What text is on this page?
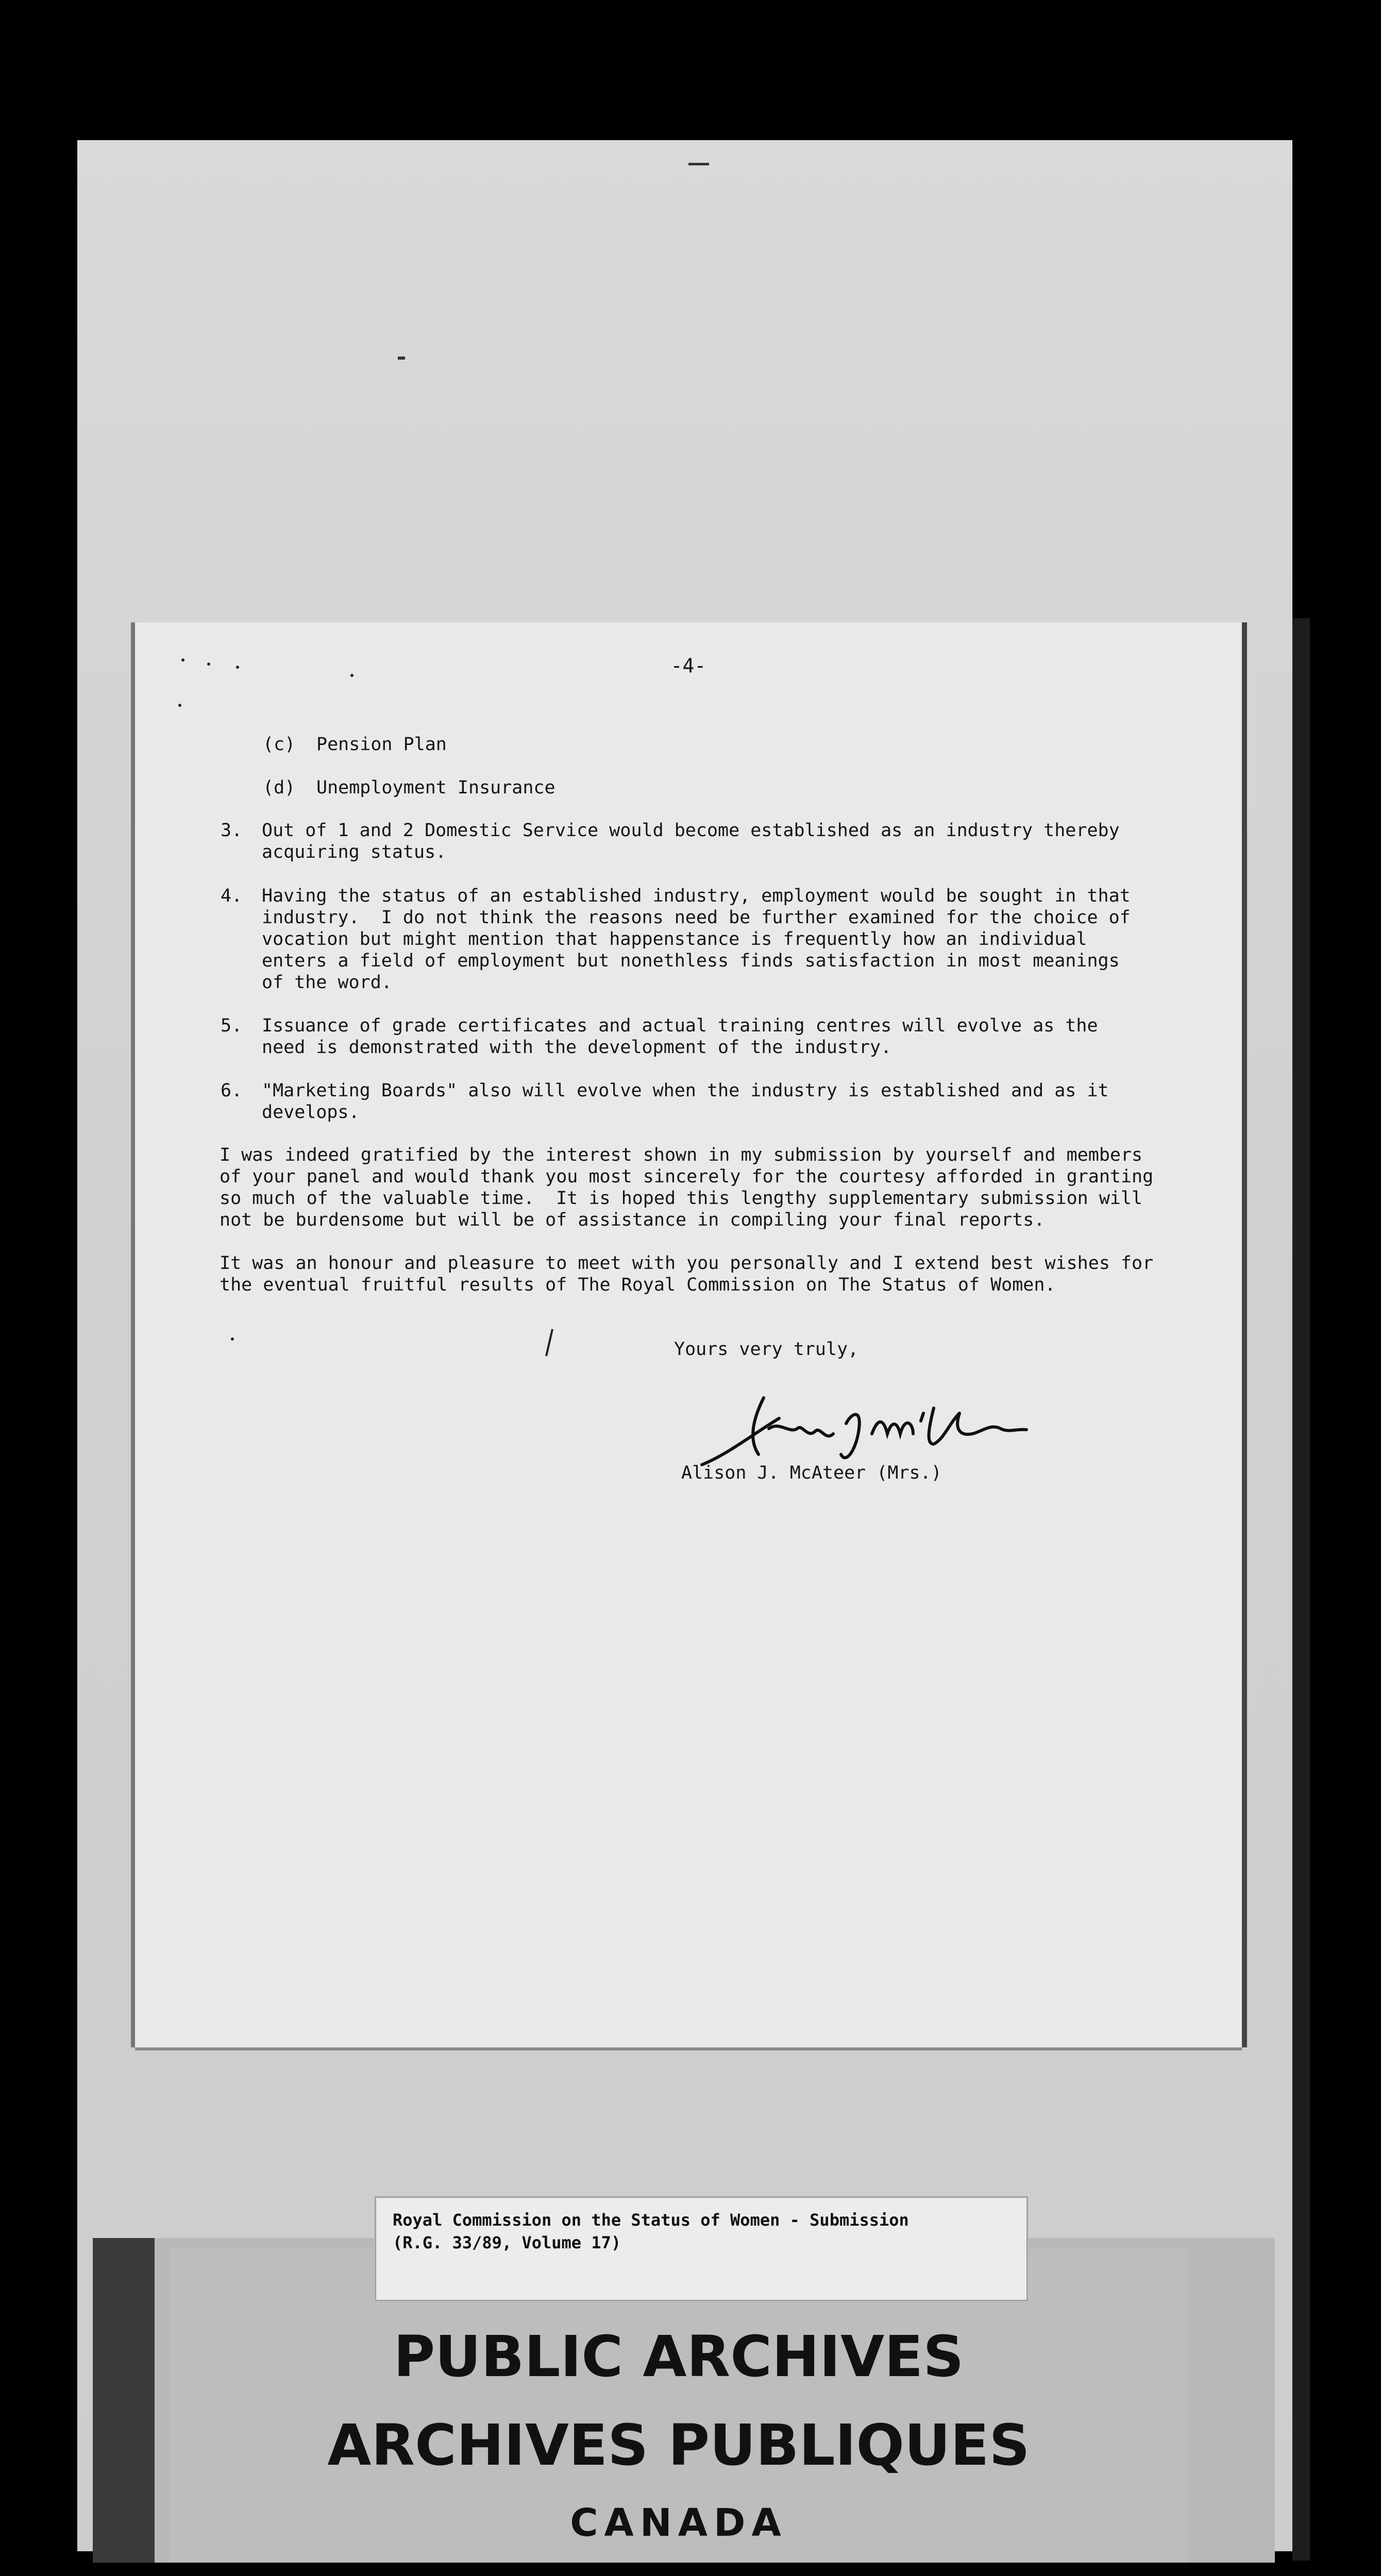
-4-

(c) Pension Plan

(d) Unemployment Insurance

3. Out of 1 and 2 Domestic Service would become established as an industry thereby

acquiring status.

4. Having the status of an established industry, employment would be sought in that

industry.  I do not think the reasons need be further examined for the choice of

vocation but might mention that happenstance is frequently how an individual

enters a field of employment but nonethless finds satisfaction in most meanings

of the word.

5. Issuance of grade certificates and actual training centres will evolve as the

need is demonstrated with the development of the industry.

6. "Marketing Boards" also will evolve when the industry is established and as it

develops.

I was indeed gratified by the interest shown in my submission by yourself and members

of your panel and would thank you most sincerely for the courtesy afforded in granting

so much of the valuable time.  It is hoped this lengthy supplementary submission will

not be burdensome but will be of assistance in compiling your final reports.

It was an honour and pleasure to meet with you personally and I extend best wishes for

the eventual fruitful results of The Royal Commission on The Status of Women.

Yours very truly,

Alison J. McAteer (Mrs.)

PUBLIC ARCHIVES
ARCHIVES PUBLIQUES
CANADA
Royal Commission on the Status of Women - Submission
(R.G. 33/89, Volume 17)
